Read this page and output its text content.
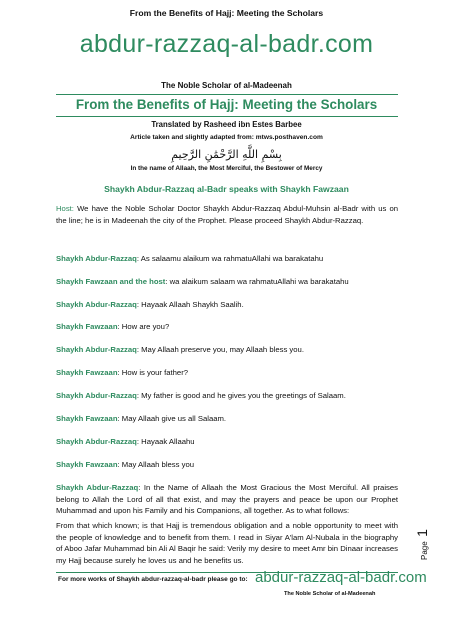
From the Benefits of Hajj: Meeting the Scholars
abdur-razzaq-al-badr.com
The Noble Scholar of al-Madeenah
From the Benefits of Hajj: Meeting the Scholars
Translated by Rasheed ibn Estes Barbee
Article taken and slightly adapted from: mtws.posthaven.com
بِسْمِ اللَّهِ الرَّحْمَٰنِ الرَّحِيمِ
In the name of Allaah, the Most Merciful, the Bestower of Mercy
Shaykh Abdur-Razzaq al-Badr speaks with Shaykh Fawzaan
Host: We have the Noble Scholar Doctor Shaykh Abdur-Razzaq Abdul-Muhsin al-Badr with us on the line; he is in Madeenah the city of the Prophet. Please proceed Shaykh Abdur-Razzaq.
Shaykh Abdur-Razzaq: As salaamu alaikum wa rahmatuAllahi wa barakatahu
Shaykh Fawzaan and the host: wa alaikum salaam wa rahmatuAllahi wa barakatahu
Shaykh Abdur-Razzaq: Hayaak Allaah Shaykh Saalih.
Shaykh Fawzaan: How are you?
Shaykh Abdur-Razzaq: May Allaah preserve you, may Allaah bless you.
Shaykh Fawzaan: How is your father?
Shaykh Abdur-Razzaq: My father is good and he gives you the greetings of Salaam.
Shaykh Fawzaan: May Allaah give us all Salaam.
Shaykh Abdur-Razzaq: Hayaak Allaahu
Shaykh Fawzaan: May Allaah bless you
Shaykh Abdur-Razzaq: In the Name of Allaah the Most Gracious the Most Merciful. All praises belong to Allah the Lord of all that exist, and may the prayers and peace be upon our Prophet Muhammad and upon his Family and his Companions, all together. As to what follows:
From that which known; is that Hajj is tremendous obligation and a noble opportunity to meet with the people of knowledge and to benefit from them. I read in Siyar A'lam Al-Nubala in the biography of Aboo Jafar Muhammad bin Ali Al Baqir he said: Verily my desire to meet Amr bin Dinaar increases my Hajj because surely he loves us and he benefits us.
For more works of Shaykh abdur-razzaq-al-badr please go to: abdur-razzaq-al-badr.com
The Noble Scholar of al-Madeenah
Page 1
